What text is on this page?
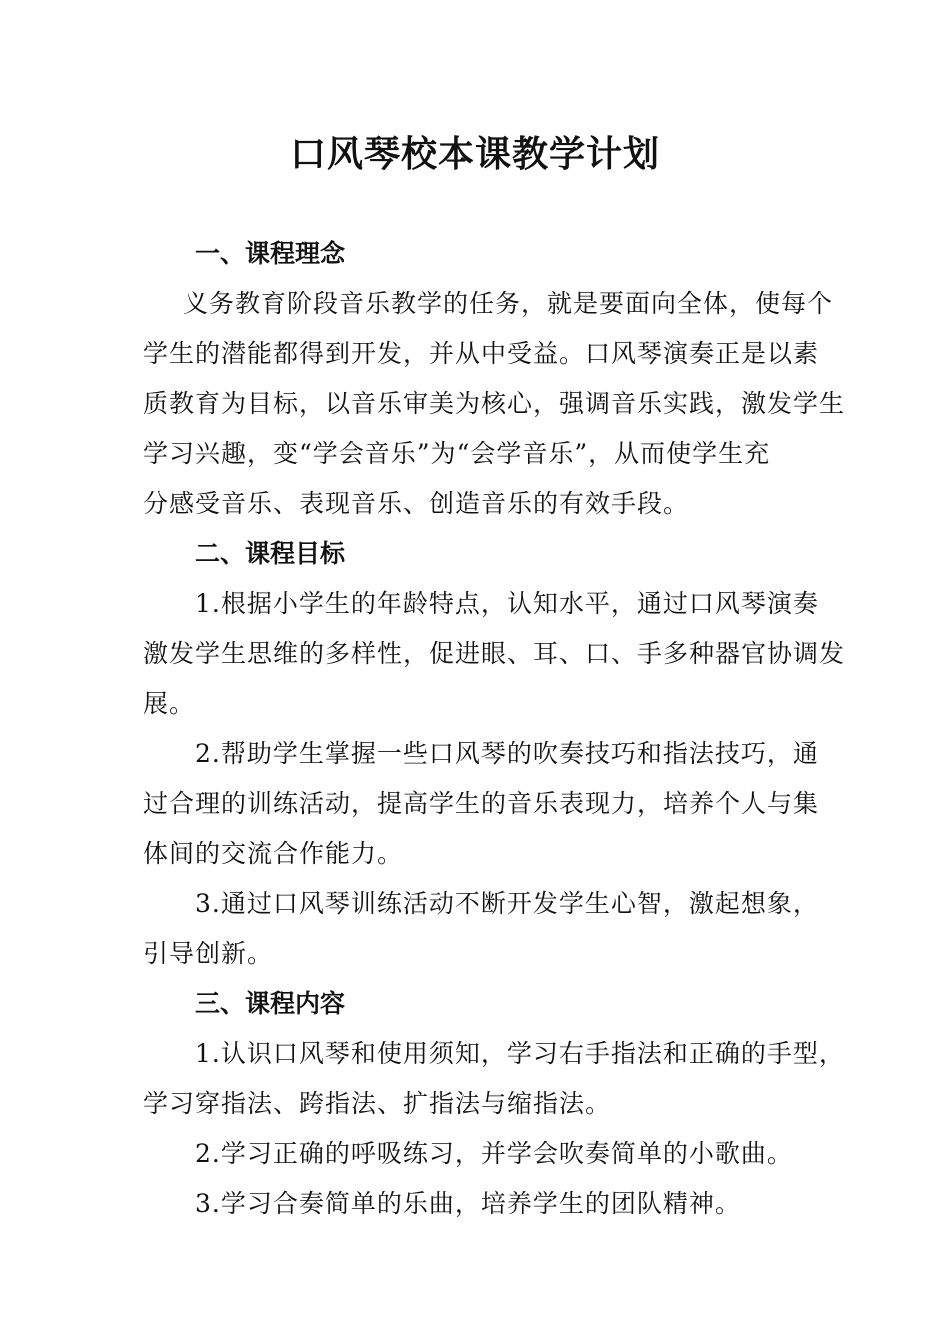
口风琴校本课教学计划
一、课程理念
义务教育阶段音乐教学的任务，就是要面向全体，使每个
学生的潜能都得到开发，并从中受益。口风琴演奏正是以素
质教育为目标，以音乐审美为核心，强调音乐实践，激发学生
学习兴趣，变“学会音乐”为“会学音乐”，从而使学生充
分感受音乐、表现音乐、创造音乐的有效手段。
二、课程目标
1.根据小学生的年龄特点，认知水平，通过口风琴演奏
激发学生思维的多样性，促进眼、耳、口、手多种器官协调发
展。
2.帮助学生掌握一些口风琴的吹奏技巧和指法技巧，通
过合理的训练活动，提高学生的音乐表现力，培养个人与集
体间的交流合作能力。
3.通过口风琴训练活动不断开发学生心智，激起想象，
引导创新。
三、课程内容
1.认识口风琴和使用须知，学习右手指法和正确的手型，
学习穿指法、跨指法、扩指法与缩指法。
2.学习正确的呼吸练习，并学会吹奏简单的小歌曲。
3.学习合奏简单的乐曲，培养学生的团队精神。
